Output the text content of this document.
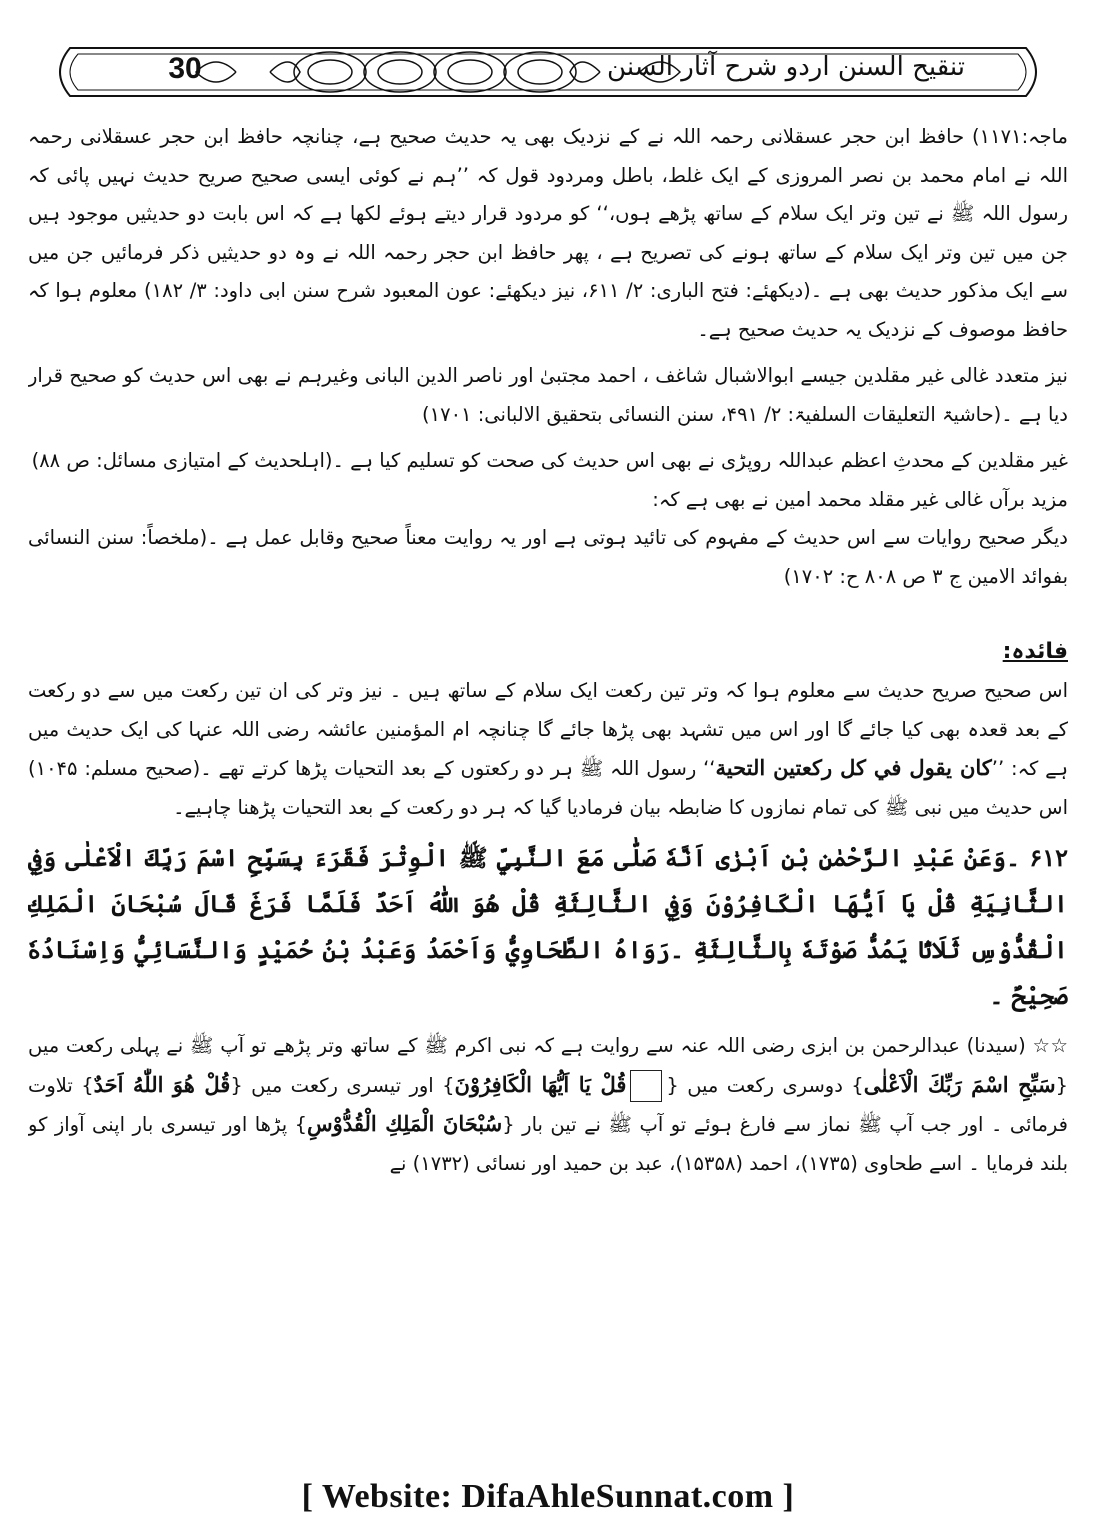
30	تنقیح السنن اردو شرح آثار السنن

ماجہ:۱۱۷۱) حافظ ابن حجر عسقلانی رحمہ اللہ نے کے نزدیک بھی یہ حدیث صحیح ہے، چنانچہ حافظ ابن حجر عسقلانی رحمہ اللہ نے امام محمد بن نصر المروزی کے ایک غلط، باطل ومردود قول کہ ’’ہم نے کوئی ایسی صحیح صریح حدیث نہیں پائی کہ رسول اللہ ﷺ نے تین وتر ایک سلام کے ساتھ پڑھے ہوں،‘‘ کو مردود قرار دیتے ہوئے لکھا ہے کہ اس بابت دو حدیثیں موجود ہیں جن میں تین وتر ایک سلام کے ساتھ ہونے کی تصریح ہے ، پھر حافظ ابن حجر رحمہ اللہ نے وہ دو حدیثیں ذکر فرمائیں جن میں سے ایک مذکور حدیث بھی ہے ۔(دیکھئے: فتح الباری: ۲/ ۶۱۱، نیز دیکھئے: عون المعبود شرح سنن ابی داود: ۳/ ۱۸۲) معلوم ہوا کہ حافظ موصوف کے نزدیک یہ حدیث صحیح ہے۔

نیز متعدد غالی غیر مقلدین جیسے ابوالاشبال شاغف ، احمد مجتبیٰ اور ناصر الدین البانی وغیرہم نے بھی اس حدیث کو صحیح قرار دیا ہے ۔(حاشیۃ التعلیقات السلفیۃ: ۲/ ۴۹۱، سنن النسائی بتحقیق الالبانی: ۱۷۰۱)

غیر مقلدین کے محدثِ اعظم عبداللہ روپڑی نے بھی اس حدیث کی صحت کو تسلیم کیا ہے ۔(اہلحدیث کے امتیازی مسائل: ص ۸۸)

مزید برآں غالی غیر مقلد محمد امین نے بھی ہے کہ:

دیگر صحیح روایات سے اس حدیث کے مفہوم کی تائید ہوتی ہے اور یہ روایت معناً صحیح وقابل عمل ہے ۔(ملخصاً: سنن النسائی بفوائد الامین ج ۳ ص ۸۰۸ ح: ۱۷۰۲)

فائدہ:

اس صحیح صریح حدیث سے معلوم ہوا کہ وتر تین رکعت ایک سلام کے ساتھ ہیں ۔ نیز وتر کی ان تین رکعت میں سے دو رکعت کے بعد قعدہ بھی کیا جائے گا اور اس میں تشہد بھی پڑھا جائے گا چنانچہ ام المؤمنین عائشہ رضی اللہ عنہا کی ایک حدیث میں ہے کہ: ’’كان يقول في كل ركعتين التحية‘‘ رسول اللہ ﷺ ہر دو رکعتوں کے بعد التحیات پڑھا کرتے تھے ۔(صحیح مسلم: ۱۰۴۵) اس حدیث میں نبی ﷺ کی تمام نمازوں کا ضابطہ بیان فرمادیا گیا کہ ہر دو رکعت کے بعد التحیات پڑھنا چاہیے۔

۶۱۲ ۔وَعَنْ عَبْدِ الرَّحْمٰنِ بْنِ اَبْزٰى اَنَّهٗ صَلّٰى مَعَ النَّبِيِّ ﷺ الْوِتْرَ فَقَرَءَ بِسَبِّحِ اسْمَ رَبِّكَ الْاَعْلٰى وَفِي الثَّانِيَةِ قُلْ يَا اَيُّهَا الْكَافِرُوْنَ وَفِي الثَّالِثَةِ قُلْ هُوَ اللّٰهُ اَحَدٌ فَلَمَّا فَرَغَ قَالَ سُبْحَانَ الْمَلِكِ الْقُدُّوْسِ ثَلَاثًا يَمُدُّ صَوْتَهٗ بِالثَّالِثَةِ ۔رَوَاهُ الطَّحَاوِيُّ وَاَحْمَدُ وَعَبْدُ بْنُ حُمَيْدٍ وَالنَّسَائِيُّ وَاِسْنَادُهٗ صَحِيْحٌ ۔

☆☆ (سیدنا) عبدالرحمن بن ابزی رضی اللہ عنہ سے روایت ہے کہ نبی اکرم ﷺ کے ساتھ وتر پڑھے تو آپ ﷺ نے پہلی رکعت میں {سَبِّحِ اسْمَ رَبِّكَ الْاَعْلٰى} دوسری رکعت میں {قُلْ يَا اَيُّهَا الْكَافِرُوْنَ} اور تیسری رکعت میں {قُلْ هُوَ اللّٰهُ اَحَدٌ} تلاوت فرمائی ۔ اور جب آپ ﷺ نماز سے فارغ ہوئے تو آپ ﷺ نے تین بار {سُبْحَانَ الْمَلِكِ الْقُدُّوْسِ} پڑھا اور تیسری بار اپنی آواز کو بلند فرمایا ۔ اسے طحاوی (۱۷۳۵)، احمد (۱۵۳۵۸)، عبد بن حمید اور نسائی (۱۷۳۲) نے

[ Website: DifaAhleSunnat.com ]
